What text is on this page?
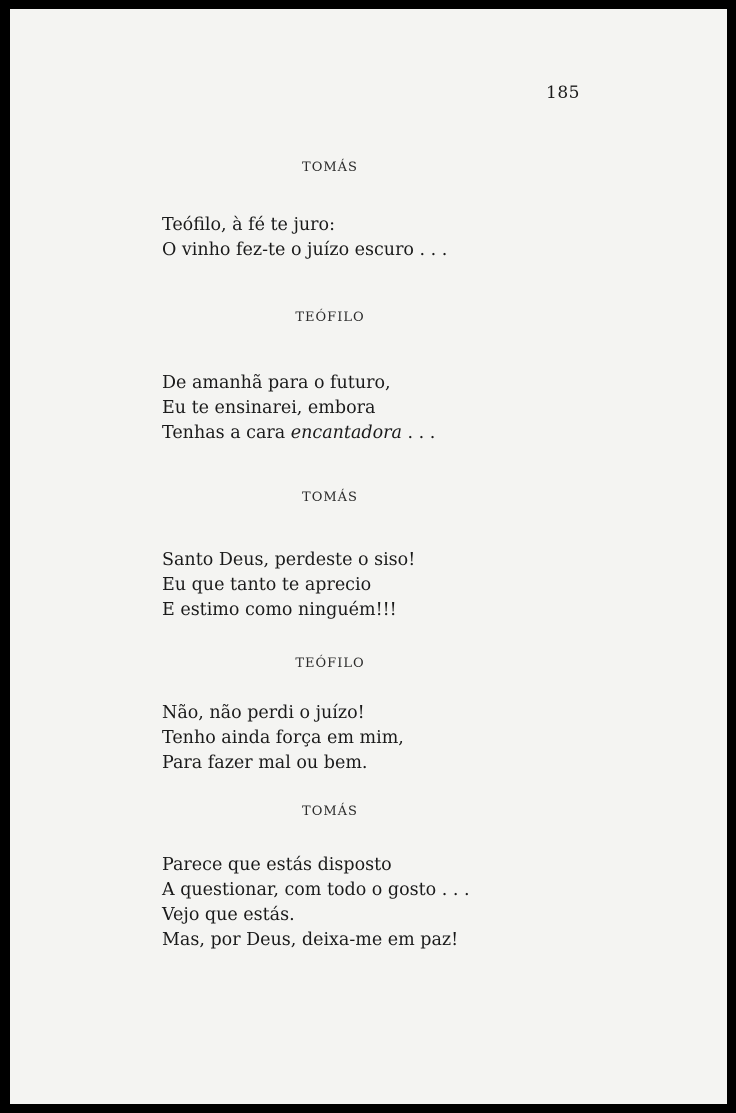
185
TOMÁS
Teófilo, à fé te juro:
O vinho fez-te o juízo escuro . . .
TEÓFILO
De amanhã para o futuro,
Eu te ensinarei, embora
Tenhas a cara encantadora . . .
TOMÁS
Santo Deus, perdeste o siso!
Eu que tanto te aprecio
E estimo como ninguém!!!
TEÓFILO
Não, não perdi o juízo!
Tenho ainda força em mim,
Para fazer mal ou bem.
TOMÁS
Parece que estás disposto
A questionar, com todo o gosto . . .
Vejo que estás.
Mas, por Deus, deixa-me em paz!
